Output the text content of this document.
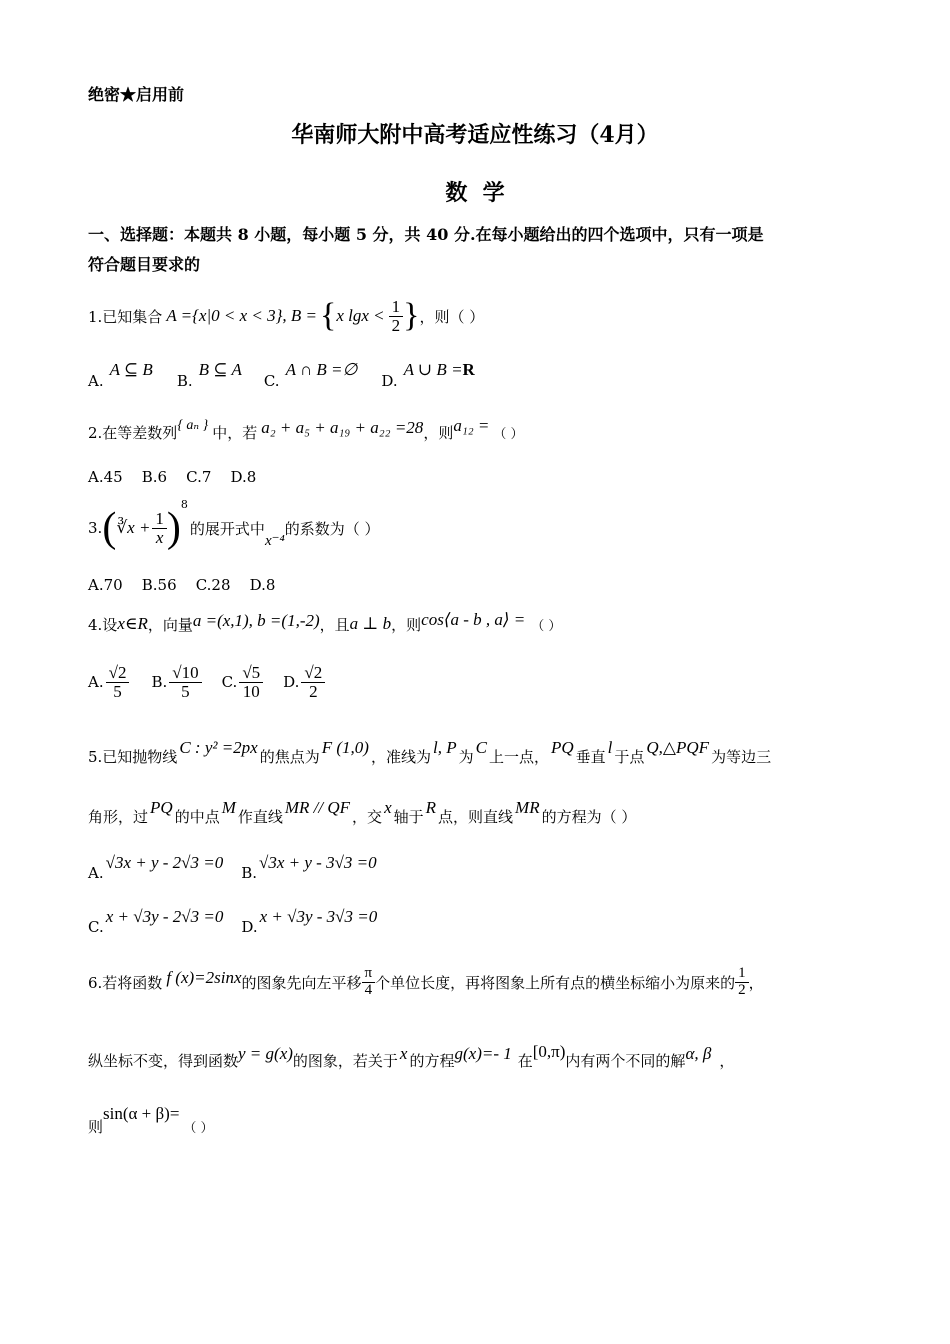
绝密★启用前
华南师大附中高考适应性练习（4月）
数  学
一、选择题：本题共 8 小题，每小题 5 分，共 40 分.在每小题给出的四个选项中，只有一项是
符合题目要求的
1.已知集合 A ={x|0 < x < 3} , B = { x $\lg x < \frac{1}{2}$ } ，则（ ）
A.
A ⊆ B
B.
B ⊆ A
C.
A ∩ B =∅
D.
A ∪ B = R
2.在等差数列 { aₙ } 中，若 a₂ + a₅ + a₁₉ + a₂₂ =28 ，则 a₁₂ = （ ）
A.45    B.6    C.7    D.8
3. ( ∛x + $\frac{1}{x}$ )
8
的展开式中
x⁻⁴
的系数为（ ）
A.70    B.56    C.28    D.8
4.设 x∈R ，向量 a =(x,1), b =(1,-2) ，且 a ⊥ b ，则 cos⟨a - b , a⟩ = （ ）
A. $\frac{√2}{5} B$. $\frac{√10}{5} C$. $\frac{√5}{10} D$. $\frac{√2}{2}$
5.已知抛物线 C : y² =2px 的焦点为 F (1,0) ，准线为 l, P 为 C 上一点， PQ 垂直 l 于点 Q,△PQF 为等边三
角形，过 PQ 的中点 M 作直线 MR // QF ，交 x 轴于 R 点，则直线 MR 的方程为（ ）
A.
√3x + y - 2√3 =0
B.
√3x + y - 3√3 =0
C.
x + √3y - 2√3 =0
D.
x + √3y - 3√3 =0
6.若将函数 f (x)=2sinx 的图象先向左平移 $\frac{\pi}{4}$ 个单位长度，再将图象上所有点的横坐标缩小为原来的 $\frac{1}{2}$ ，
纵坐标不变，得到函数 y = g(x) 的图象，若关于 x 的方程 g(x)=- 1 在 [0,π) 内有两个不同的解 α, β ，
则
sin(α + β)=
（ ）
